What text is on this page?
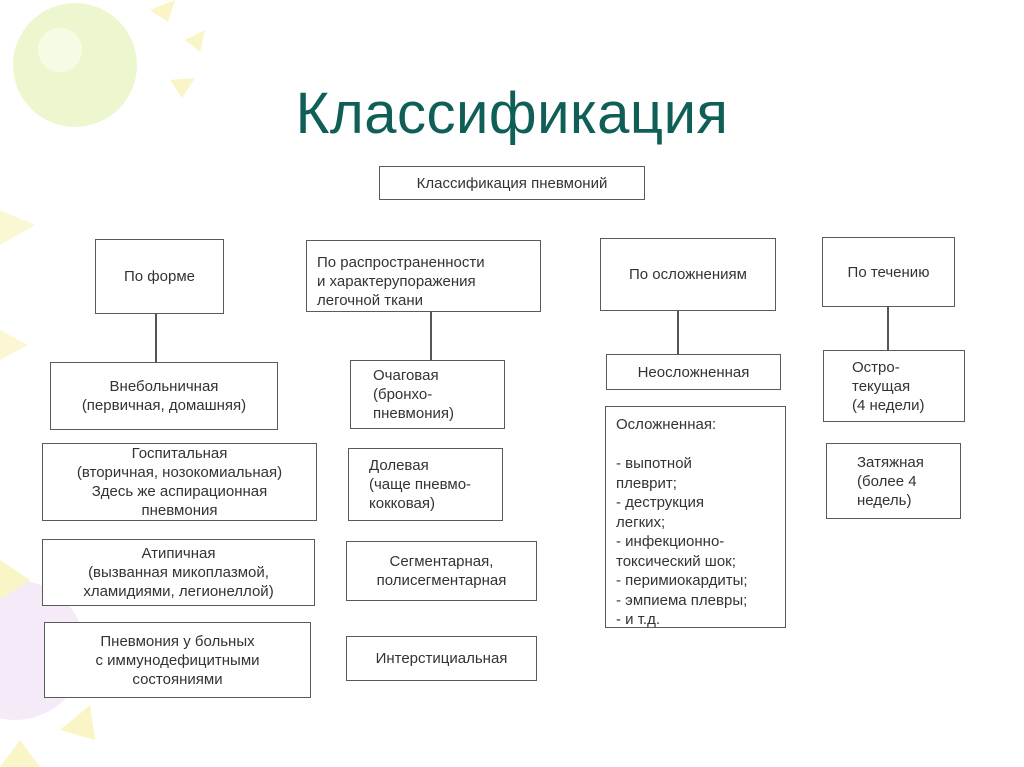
Классификация
Классификация пневмоний
По форме
По распространенности
и характерупоражения
легочной ткани
По осложнениям	По течению
Внебольничная
(первичная, домашняя)
Госпитальная
(вторичная, нозокомиальная)
Здесь же аспирационная
пневмония
Атипичная
(вызванная микоплазмой,
хламидиями, легионеллой)
Пневмония у больных
с иммунодефицитными
состояниями
Очаговая
(бронхо-
пневмония)
Долевая
(чаще пневмо-
кокковая)
Сегментарная,
полисегментарная
Интерстициальная
Неосложненная
Осложненная:

- выпотной
плеврит;
- деструкция
легких;
- инфекционно-
токсический шок;
- перимиокардиты;
- эмпиема плевры;
- и т.д.
Остро-
текущая
(4 недели)
Затяжная
(более 4
недель)
